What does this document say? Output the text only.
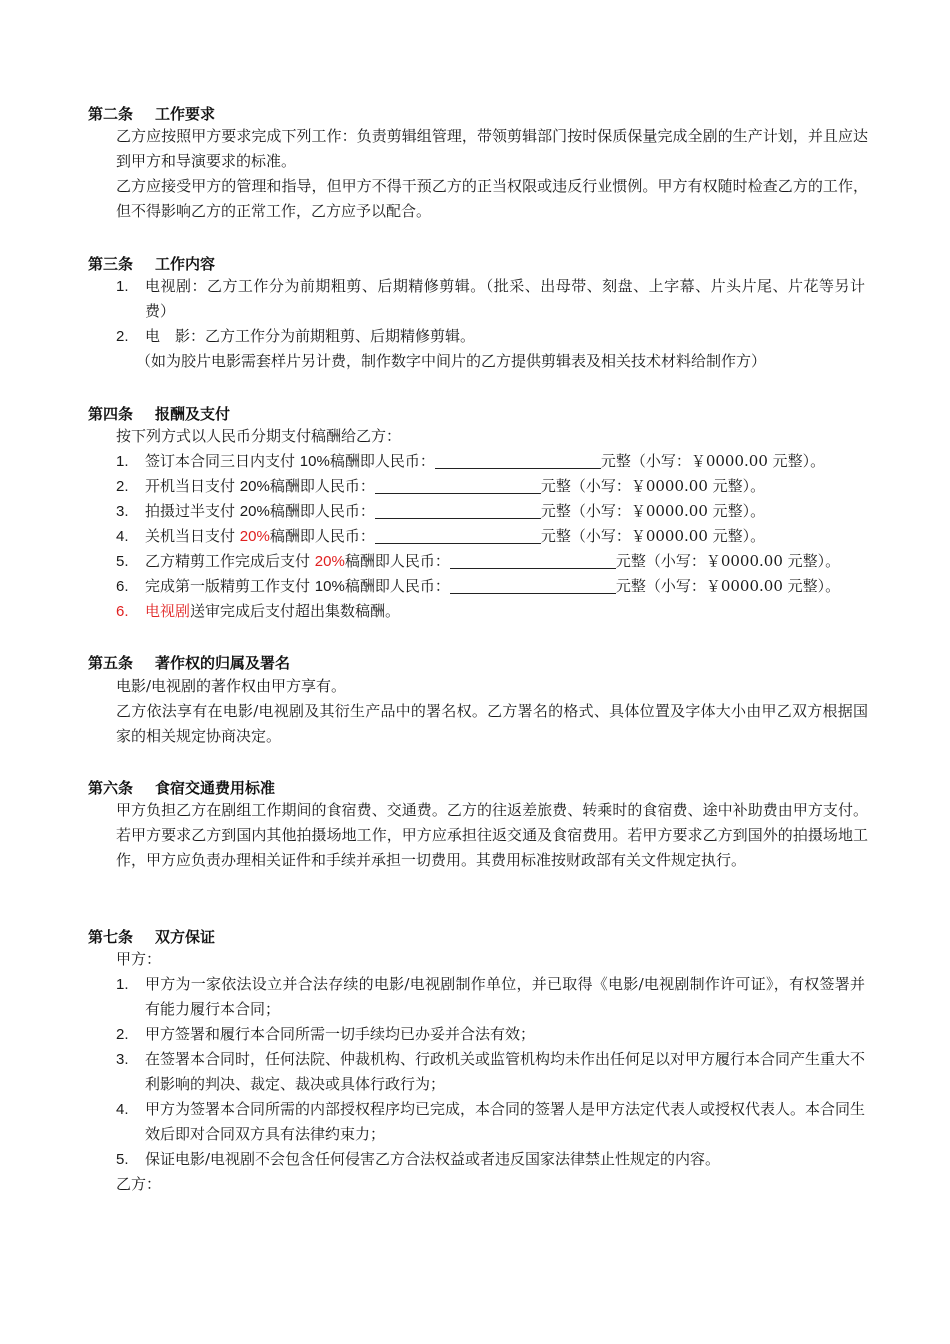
第二条 工作要求
乙方应按照甲方要求完成下列工作：负责剪辑组管理，带领剪辑部门按时保质保量完成全剧的生产计划，并且应达到甲方和导演要求的标准。
乙方应接受甲方的管理和指导，但甲方不得干预乙方的正当权限或违反行业惯例。甲方有权随时检查乙方的工作，但不得影响乙方的正常工作，乙方应予以配合。
第三条 工作内容
1. 电视剧：乙方工作分为前期粗剪、后期精修剪辑。（批采、出母带、刻盘、上字幕、片头片尾、片花等另计费）
2. 电　影：乙方工作分为前期粗剪、后期精修剪辑。
（如为胶片电影需套样片另计费，制作数字中间片的乙方提供剪辑表及相关技术材料给制作方）
第四条 报酬及支付
按下列方式以人民币分期支付稿酬给乙方：
1. 签订本合同三日内支付 10%稿酬即人民币：	元整（小写：￥0000.00 元整）。
2. 开机当日支付 20%稿酬即人民币：	元整（小写：￥0000.00 元整）。
3. 拍摄过半支付 20%稿酬即人民币：	元整（小写：￥0000.00 元整）。
4. 关机当日支付 20%稿酬即人民币：	元整（小写：￥0000.00 元整）。
5. 乙方精剪工作完成后支付 20%稿酬即人民币：	元整（小写：￥0000.00 元整）。
6. 完成第一版精剪工作支付 10%稿酬即人民币：	元整（小写：￥0000.00 元整）。
6. 电视剧送审完成后支付超出集数稿酬。
第五条 著作权的归属及署名
电影/电视剧的著作权由甲方享有。
乙方依法享有在电影/电视剧及其衍生产品中的署名权。乙方署名的格式、具体位置及字体大小由甲乙双方根据国家的相关规定协商决定。
第六条 食宿交通费用标准
甲方负担乙方在剧组工作期间的食宿费、交通费。乙方的往返差旅费、转乘时的食宿费、途中补助费由甲方支付。若甲方要求乙方到国内其他拍摄场地工作，甲方应承担往返交通及食宿费用。若甲方要求乙方到国外的拍摄场地工作，甲方应负责办理相关证件和手续并承担一切费用。其费用标准按财政部有关文件规定执行。
第七条 双方保证
甲方：
1. 甲方为一家依法设立并合法存续的电影/电视剧制作单位，并已取得《电影/电视剧制作许可证》，有权签署并有能力履行本合同；
2. 甲方签署和履行本合同所需一切手续均已办妥并合法有效；
3. 在签署本合同时，任何法院、仲裁机构、行政机关或监管机构均未作出任何足以对甲方履行本合同产生重大不利影响的判决、裁定、裁决或具体行政行为；
4. 甲方为签署本合同所需的内部授权程序均已完成，本合同的签署人是甲方法定代表人或授权代表人。本合同生效后即对合同双方具有法律约束力；
5. 保证电影/电视剧不会包含任何侵害乙方合法权益或者违反国家法律禁止性规定的内容。
乙方：
